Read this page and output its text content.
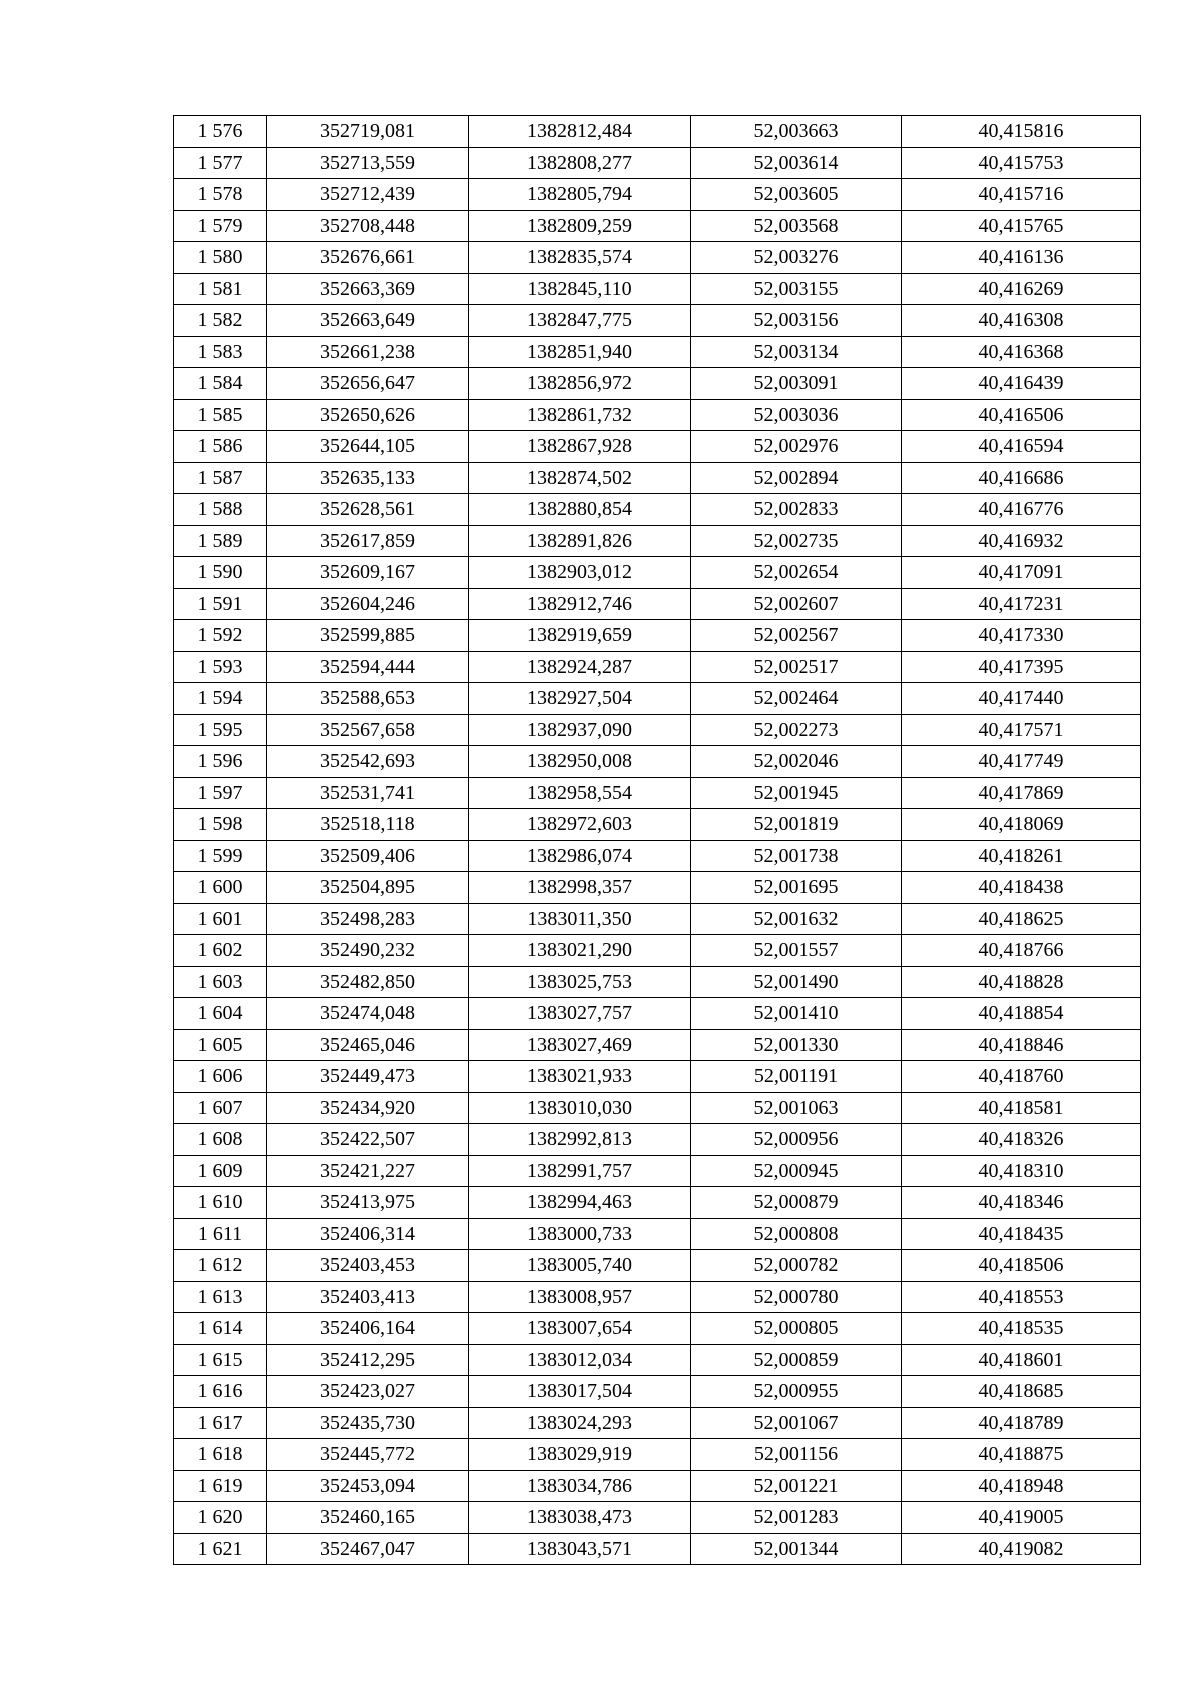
1 576	352719,081	1382812,484	52,003663	40,415816
1 577	352713,559	1382808,277	52,003614	40,415753
1 578	352712,439	1382805,794	52,003605	40,415716
1 579	352708,448	1382809,259	52,003568	40,415765
1 580	352676,661	1382835,574	52,003276	40,416136
1 581	352663,369	1382845,110	52,003155	40,416269
1 582	352663,649	1382847,775	52,003156	40,416308
1 583	352661,238	1382851,940	52,003134	40,416368
1 584	352656,647	1382856,972	52,003091	40,416439
1 585	352650,626	1382861,732	52,003036	40,416506
1 586	352644,105	1382867,928	52,002976	40,416594
1 587	352635,133	1382874,502	52,002894	40,416686
1 588	352628,561	1382880,854	52,002833	40,416776
1 589	352617,859	1382891,826	52,002735	40,416932
1 590	352609,167	1382903,012	52,002654	40,417091
1 591	352604,246	1382912,746	52,002607	40,417231
1 592	352599,885	1382919,659	52,002567	40,417330
1 593	352594,444	1382924,287	52,002517	40,417395
1 594	352588,653	1382927,504	52,002464	40,417440
1 595	352567,658	1382937,090	52,002273	40,417571
1 596	352542,693	1382950,008	52,002046	40,417749
1 597	352531,741	1382958,554	52,001945	40,417869
1 598	352518,118	1382972,603	52,001819	40,418069
1 599	352509,406	1382986,074	52,001738	40,418261
1 600	352504,895	1382998,357	52,001695	40,418438
1 601	352498,283	1383011,350	52,001632	40,418625
1 602	352490,232	1383021,290	52,001557	40,418766
1 603	352482,850	1383025,753	52,001490	40,418828
1 604	352474,048	1383027,757	52,001410	40,418854
1 605	352465,046	1383027,469	52,001330	40,418846
1 606	352449,473	1383021,933	52,001191	40,418760
1 607	352434,920	1383010,030	52,001063	40,418581
1 608	352422,507	1382992,813	52,000956	40,418326
1 609	352421,227	1382991,757	52,000945	40,418310
1 610	352413,975	1382994,463	52,000879	40,418346
1 611	352406,314	1383000,733	52,000808	40,418435
1 612	352403,453	1383005,740	52,000782	40,418506
1 613	352403,413	1383008,957	52,000780	40,418553
1 614	352406,164	1383007,654	52,000805	40,418535
1 615	352412,295	1383012,034	52,000859	40,418601
1 616	352423,027	1383017,504	52,000955	40,418685
1 617	352435,730	1383024,293	52,001067	40,418789
1 618	352445,772	1383029,919	52,001156	40,418875
1 619	352453,094	1383034,786	52,001221	40,418948
1 620	352460,165	1383038,473	52,001283	40,419005
1 621	352467,047	1383043,571	52,001344	40,419082
